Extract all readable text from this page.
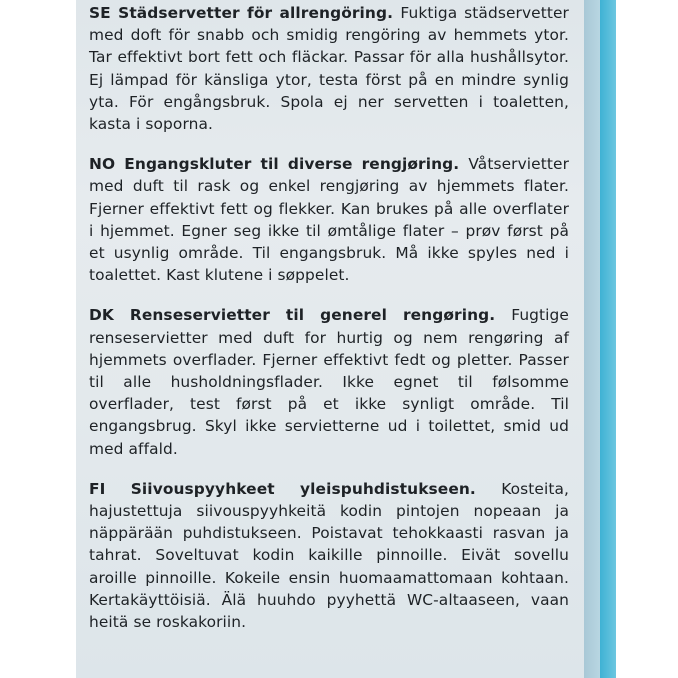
SE Städservetter för allrengöring. Fuktiga städservetter med doft för snabb och smidig rengöring av hemmets ytor. Tar effektivt bort fett och fläckar. Passar för alla hushållsytor. Ej lämpad för känsliga ytor, testa först på en mindre synlig yta. För engångsbruk. Spola ej ner servetten i toaletten, kasta i soporna.

NO Engangskluter til diverse rengjøring. Våtservietter med duft til rask og enkel rengjøring av hjemmets flater. Fjerner effektivt fett og flekker. Kan brukes på alle overflater i hjemmet. Egner seg ikke til ømtålige flater – prøv først på et usynlig område. Til engangsbruk. Må ikke spyles ned i toalettet. Kast klutene i søppelet.

DK Renseservietter til generel rengøring. Fugtige renseservietter med duft for hurtig og nem rengøring af hjemmets overflader. Fjerner effektivt fedt og pletter. Passer til alle husholdningsflader. Ikke egnet til følsomme overflader, test først på et ikke synligt område. Til engangsbrug. Skyl ikke servietterne ud i toilettet, smid ud med affald.

FI Siivouspyyhkeet yleispuhdistukseen. Kosteita, hajustettuja siivouspyyhkeitä kodin pintojen nopeaan ja näppärään puhdistukseen. Poistavat tehokkaasti rasvan ja tahrat. Soveltuvat kodin kaikille pinnoille. Eivät sovellu aroille pinnoille. Kokeile ensin huomaamattomaan kohtaan. Kertakäyttöisiä. Älä huuhdo pyyhettä WC-altaaseen, vaan heitä se roskakoriin.
